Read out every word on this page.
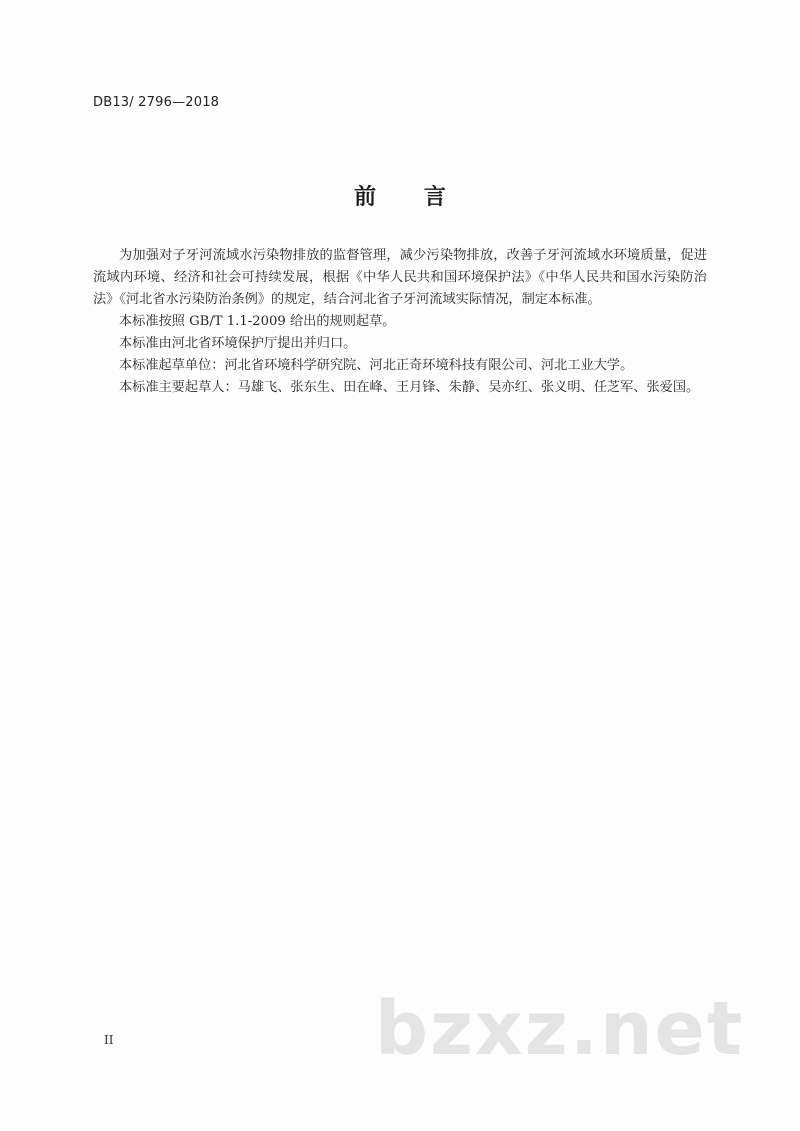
DB13/ 2796—2018
前 言

为加强对子牙河流域水污染物排放的监督管理，减少污染物排放，改善子牙河流域水环境质量，促进流域内环境、经济和社会可持续发展，根据《中华人民共和国环境保护法》《中华人民共和国水污染防治法》《河北省水污染防治条例》的规定，结合河北省子牙河流域实际情况，制定本标准。

本标准按照 GB/T 1.1-2009 给出的规则起草。

本标准由河北省环境保护厅提出并归口。

本标准起草单位：河北省环境科学研究院、河北正奇环境科技有限公司、河北工业大学。

本标准主要起草人：马雄飞、张东生、田在峰、王月锋、朱静、吴亦红、张义明、任芝军、张爱国。

II	bzxz.net
